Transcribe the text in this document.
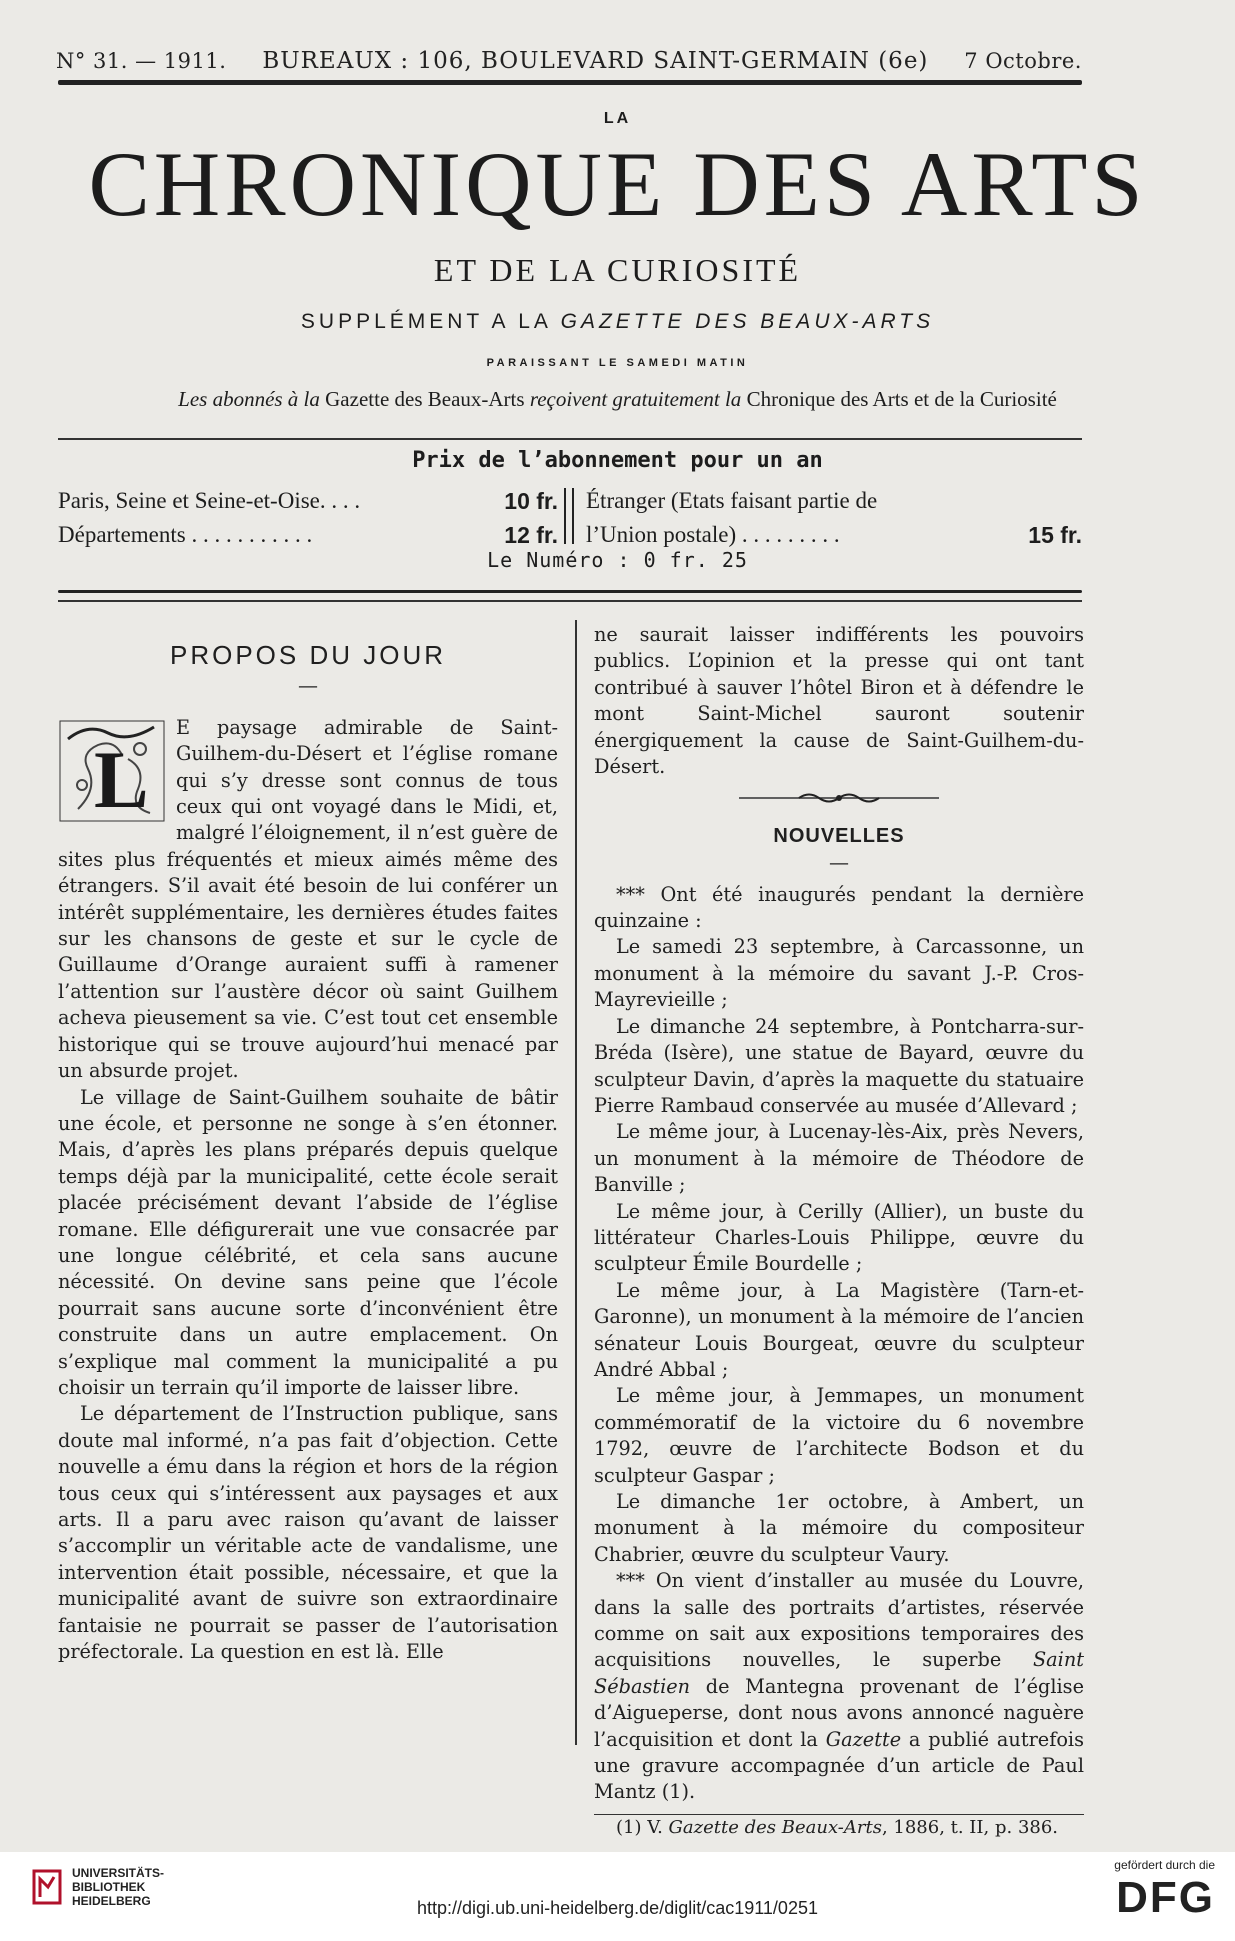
N° 31. — 1911. BUREAUX : 106, BOULEVARD SAINT-GERMAIN (6e) 7 Octobre.
LA
CHRONIQUE DES ARTS
ET DE LA CURIOSITÉ
SUPPLÉMENT A LA GAZETTE DES BEAUX-ARTS
PARAISSANT LE SAMEDI MATIN
Les abonnés à la Gazette des Beaux-Arts reçoivent gratuitement la Chronique des Arts et de la Curiosité
Prix de l’abonnement pour un an
Paris, Seine et Seine-et-Oise. . . .	10 fr.
Départements . . . . . . . . . . .	12 fr.
Étranger (Etats faisant partie de
l’Union postale) . . . . . . . . .	15 fr.
Le Numéro : 0 fr. 25
PROPOS DU JOUR
—

L
E paysage admirable de Saint-Guilhem-du-Désert et l’église romane qui s’y dresse sont connus de tous ceux qui ont voyagé dans le Midi, et, malgré l’éloignement, il n’est guère de sites plus fréquentés et mieux aimés même des étrangers. S’il avait été besoin de lui conférer un intérêt supplémentaire, les dernières études faites sur les chansons de geste et sur le cycle de Guillaume d’Orange auraient suffi à ramener l’attention sur l’austère décor où saint Guilhem acheva pieusement sa vie. C’est tout cet ensemble historique qui se trouve aujourd’hui menacé par un absurde projet.

Le village de Saint-Guilhem souhaite de bâtir une école, et personne ne songe à s’en étonner. Mais, d’après les plans préparés depuis quelque temps déjà par la municipalité, cette école serait placée précisément devant l’abside de l’église romane. Elle défigurerait une vue consacrée par une longue célébrité, et cela sans aucune nécessité. On devine sans peine que l’école pourrait sans aucune sorte d’inconvénient être construite dans un autre emplacement. On s’explique mal comment la municipalité a pu choisir un terrain qu’il importe de laisser libre.

Le département de l’Instruction publique, sans doute mal informé, n’a pas fait d’objection. Cette nouvelle a ému dans la région et hors de la région tous ceux qui s’intéressent aux paysages et aux arts. Il a paru avec raison qu’avant de laisser s’accomplir un véritable acte de vandalisme, une intervention était possible, nécessaire, et que la municipalité avant de suivre son extraordinaire fantaisie ne pourrait se passer de l’autorisation préfectorale. La question en est là. Elle

ne saurait laisser indifférents les pouvoirs publics. L’opinion et la presse qui ont tant contribué à sauver l’hôtel Biron et à défendre le mont Saint-Michel sauront soutenir énergiquement la cause de Saint-Guilhem-du-Désert.

NOUVELLES
—

*** Ont été inaugurés pendant la dernière quinzaine :

Le samedi 23 septembre, à Carcassonne, un monument à la mémoire du savant J.-P. Cros-Mayrevieille ;

Le dimanche 24 septembre, à Pontcharra-sur-Bréda (Isère), une statue de Bayard, œuvre du sculpteur Davin, d’après la maquette du statuaire Pierre Rambaud conservée au musée d’Allevard ;

Le même jour, à Lucenay-lès-Aix, près Nevers, un monument à la mémoire de Théodore de Banville ;

Le même jour, à Cerilly (Allier), un buste du littérateur Charles-Louis Philippe, œuvre du sculpteur Émile Bourdelle ;

Le même jour, à La Magistère (Tarn-et-Garonne), un monument à la mémoire de l’ancien sénateur Louis Bourgeat, œuvre du sculpteur André Abbal ;

Le même jour, à Jemmapes, un monument commémoratif de la victoire du 6 novembre 1792, œuvre de l’architecte Bodson et du sculpteur Gaspar ;

Le dimanche 1er octobre, à Ambert, un monument à la mémoire du compositeur Chabrier, œuvre du sculpteur Vaury.

*** On vient d’installer au musée du Louvre, dans la salle des portraits d’artistes, réservée comme on sait aux expositions temporaires des acquisitions nouvelles, le superbe Saint Sébastien de Mantegna provenant de l’église d’Aigueperse, dont nous avons annoncé naguère l’acquisition et dont la Gazette a publié autrefois une gravure accompagnée d’un article de Paul Mantz (1).

(1) V. Gazette des Beaux-Arts, 1886, t. II, p. 386.

UNIVERSITÄTS-
BIBLIOTHEK
HEIDELBERG	http://digi.ub.uni-heidelberg.de/diglit/cac1911/0251
gefördert durch die
DFG
